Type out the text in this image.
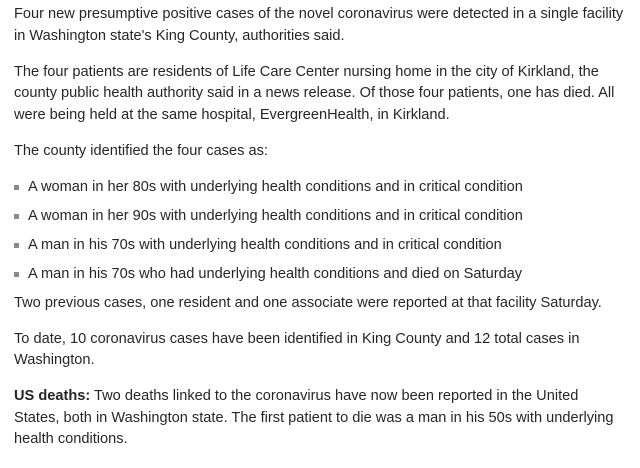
Four new presumptive positive cases of the novel coronavirus were detected in a single facility in Washington state's King County, authorities said.

The four patients are residents of Life Care Center nursing home in the city of Kirkland, the county public health authority said in a news release. Of those four patients, one has died. All were being held at the same hospital, EvergreenHealth, in Kirkland.

The county identified the four cases as:

A woman in her 80s with underlying health conditions and in critical condition
A woman in her 90s with underlying health conditions and in critical condition
A man in his 70s with underlying health conditions and in critical condition
A man in his 70s who had underlying health conditions and died on Saturday

Two previous cases, one resident and one associate were reported at that facility Saturday.

To date, 10 coronavirus cases have been identified in King County and 12 total cases in Washington.

US deaths: Two deaths linked to the coronavirus have now been reported in the United States, both in Washington state. The first patient to die was a man in his 50s with underlying health conditions.
